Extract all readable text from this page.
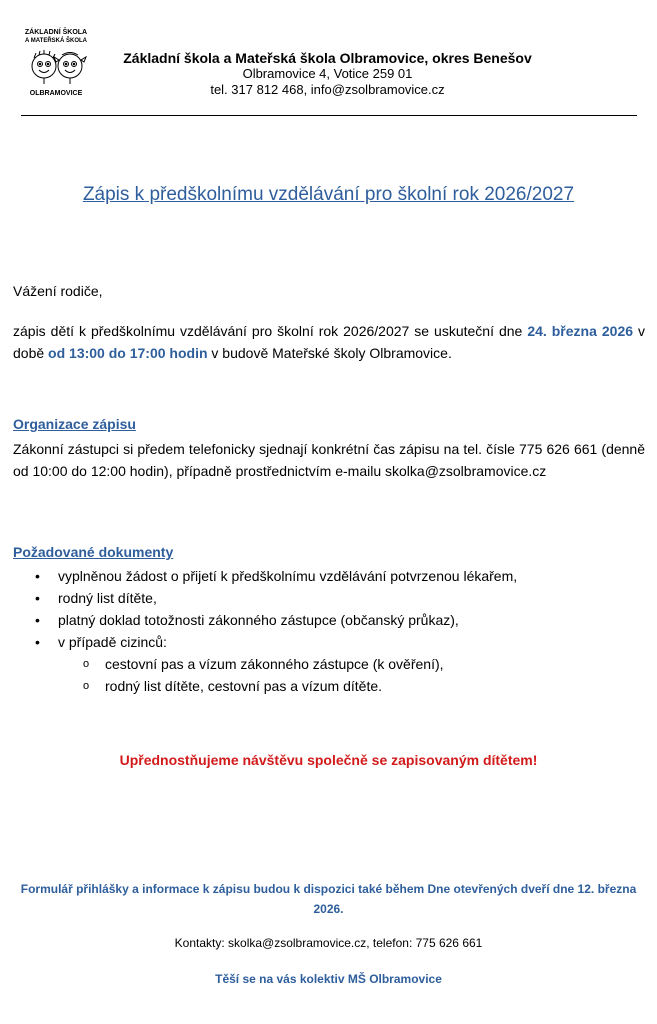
ZÁKLADNÍ ŠKOLA
A MATEŘSKÁ ŠKOLA
OLBRAMOVICE
Základní škola a Mateřská škola Olbramovice, okres Benešov
Olbramovice 4, Votice 259 01
tel. 317 812 468, info@zsolbramovice.cz
Zápis k předškolnímu vzdělávání pro školní rok 2026/2027
Vážení rodiče,
zápis dětí k předškolnímu vzdělávání pro školní rok 2026/2027 se uskuteční dne 24. března 2026 v době od 13:00 do 17:00 hodin v budově Mateřské školy Olbramovice.
Organizace zápisu
Zákonní zástupci si předem telefonicky sjednají konkrétní čas zápisu na tel. čísle 775 626 661 (denně od 10:00 do 12:00 hodin), případně prostřednictvím e-mailu skolka@zsolbramovice.cz
Požadované dokumenty
• vyplněnou žádost o přijetí k předškolnímu vzdělávání potvrzenou lékařem,
• rodný list dítěte,
• platný doklad totožnosti zákonného zástupce (občanský průkaz),
• v případě cizinců:
o cestovní pas a vízum zákonného zástupce (k ověření),
o rodný list dítěte, cestovní pas a vízum dítěte.
Upřednostňujeme návštěvu společně se zapisovaným dítětem!
Formulář přihlášky a informace k zápisu budou k dispozici také během Dne otevřených dveří dne 12. března 2026.
Kontakty: skolka@zsolbramovice.cz, telefon: 775 626 661
Těší se na vás kolektiv MŠ Olbramovice
